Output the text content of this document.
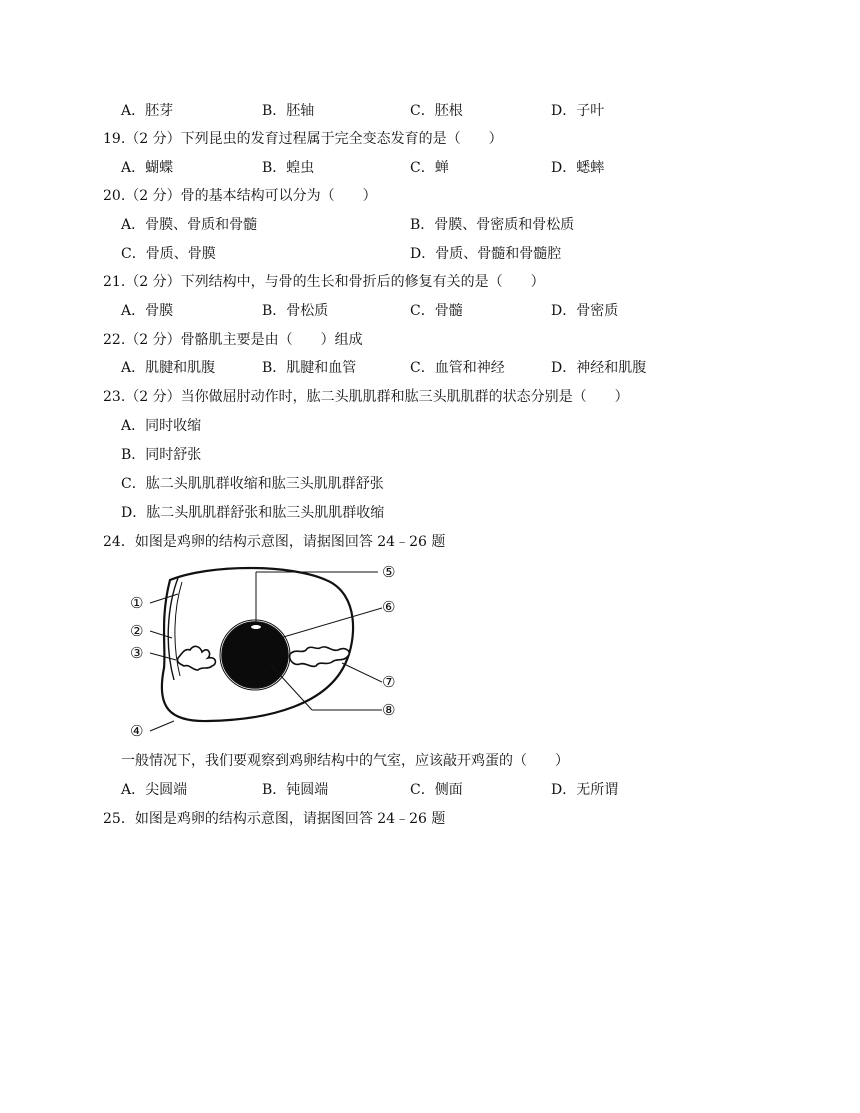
A．胚芽	B．胚轴	C．胚根	D．子叶
19.（2 分）下列昆虫的发育过程属于完全变态发育的是（　　）
A．蝴蝶	B．蝗虫	C．蝉	D．蟋蟀
20.（2 分）骨的基本结构可以分为（　　）
A．骨膜、骨质和骨髓	B．骨膜、骨密质和骨松质
C．骨质、骨膜	D．骨质、骨髓和骨髓腔
21.（2 分）下列结构中，与骨的生长和骨折后的修复有关的是（　　）
A．骨膜	B．骨松质	C．骨髓	D．骨密质
22.（2 分）骨骼肌主要是由（　　）组成
A．肌腱和肌腹	B．肌腱和血管	C．血管和神经	D．神经和肌腹
23.（2 分）当你做屈肘动作时，肱二头肌肌群和肱三头肌肌群的状态分别是（　　）
A．同时收缩
B．同时舒张
C．肱二头肌肌群收缩和肱三头肌肌群舒张
D．肱二头肌肌群舒张和肱三头肌肌群收缩
24．如图是鸡卵的结构示意图，请据图回答 24﹣26 题
①
②
③
④
⑤
⑥
⑦
⑧
一般情况下，我们要观察到鸡卵结构中的气室，应该敲开鸡蛋的（　　）
A．尖圆端	B．钝圆端	C．侧面	D．无所谓
25．如图是鸡卵的结构示意图，请据图回答 24﹣26 题
